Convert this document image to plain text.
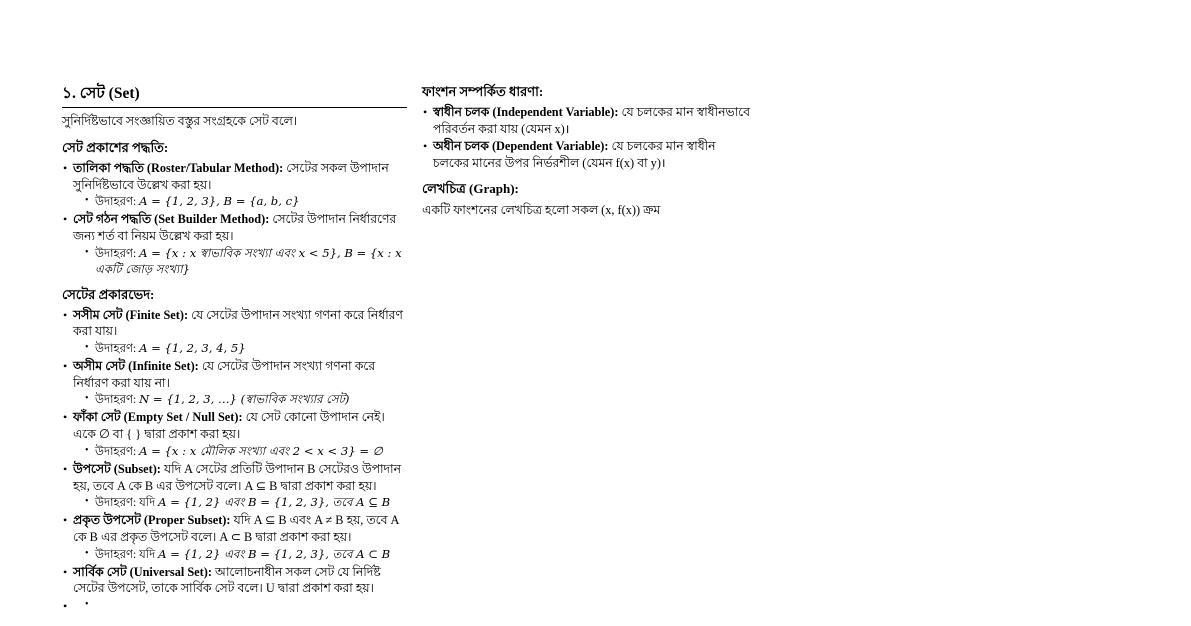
১. সেট (Set)

সুনির্দিষ্টভাবে সংজ্ঞায়িত বস্তুর সংগ্রহকে সেট বলে।

সেট প্রকাশের পদ্ধতি:
• তালিকা পদ্ধতি (Roster/Tabular Method): সেটের সকল উপাদান সুনির্দিষ্টভাবে উল্লেখ করা হয়।
• উদাহরণ: A = {1, 2, 3}, B = {a, b, c}
• সেট গঠন পদ্ধতি (Set Builder Method): সেটের উপাদান নির্ধারণের জন্য শর্ত বা নিয়ম উল্লেখ করা হয়।
• উদাহরণ: A = {x : x স্বাভাবিক সংখ্যা এবং x < 5}, B = {x : x একটি জোড় সংখ্যা}
সেটের প্রকারভেদ:
• সসীম সেট (Finite Set): যে সেটের উপাদান সংখ্যা গণনা করে নির্ধারণ করা যায়।
• উদাহরণ: A = {1, 2, 3, 4, 5}
• অসীম সেট (Infinite Set): যে সেটের উপাদান সংখ্যা গণনা করে নির্ধারণ করা যায় না।
• উদাহরণ: N = {1, 2, 3, …} (স্বাভাবিক সংখ্যার সেট)
• ফাঁকা সেট (Empty Set / Null Set): যে সেট কোনো উপাদান নেই। একে ∅ বা { } দ্বারা প্রকাশ করা হয়।
• উদাহরণ: A = {x : x মৌলিক সংখ্যা এবং 2 < x < 3} = ∅
• উপসেট (Subset): যদি A সেটের প্রতিটি উপাদান B সেটেরও উপাদান হয়, তবে A কে B এর উপসেট বলে। A ⊆ B দ্বারা প্রকাশ করা হয়।
• উদাহরণ: যদি A = {1, 2} এবং B = {1, 2, 3}, তবে A ⊆ B
• প্রকৃত উপসেট (Proper Subset): যদি A ⊆ B এবং A ≠ B হয়, তবে A কে B এর প্রকৃত উপসেট বলে। A ⊂ B দ্বারা প্রকাশ করা হয়।
• উদাহরণ: যদি A = {1, 2} এবং B = {1, 2, 3}, তবে A ⊂ B
• সার্বিক সেট (Universal Set): আলোচনাধীন সকল সেট যে নির্দিষ্ট সেটের উপসেট, তাকে সার্বিক সেট বলে। U দ্বারা প্রকাশ করা হয়।
ফাংশন সম্পর্কিত ধারণা:
• স্বাধীন চলক (Independent Variable): যে চলকের মান স্বাধীনভাবে পরিবর্তন করা যায় (যেমন x)।
• অধীন চলক (Dependent Variable): যে চলকের মান স্বাধীন চলকের মানের উপর নির্ভরশীল (যেমন f(x) বা y)।
লেখচিত্র (Graph):

একটি ফাংশনের লেখচিত্র হলো সকল (x, f(x)) ক্রম
